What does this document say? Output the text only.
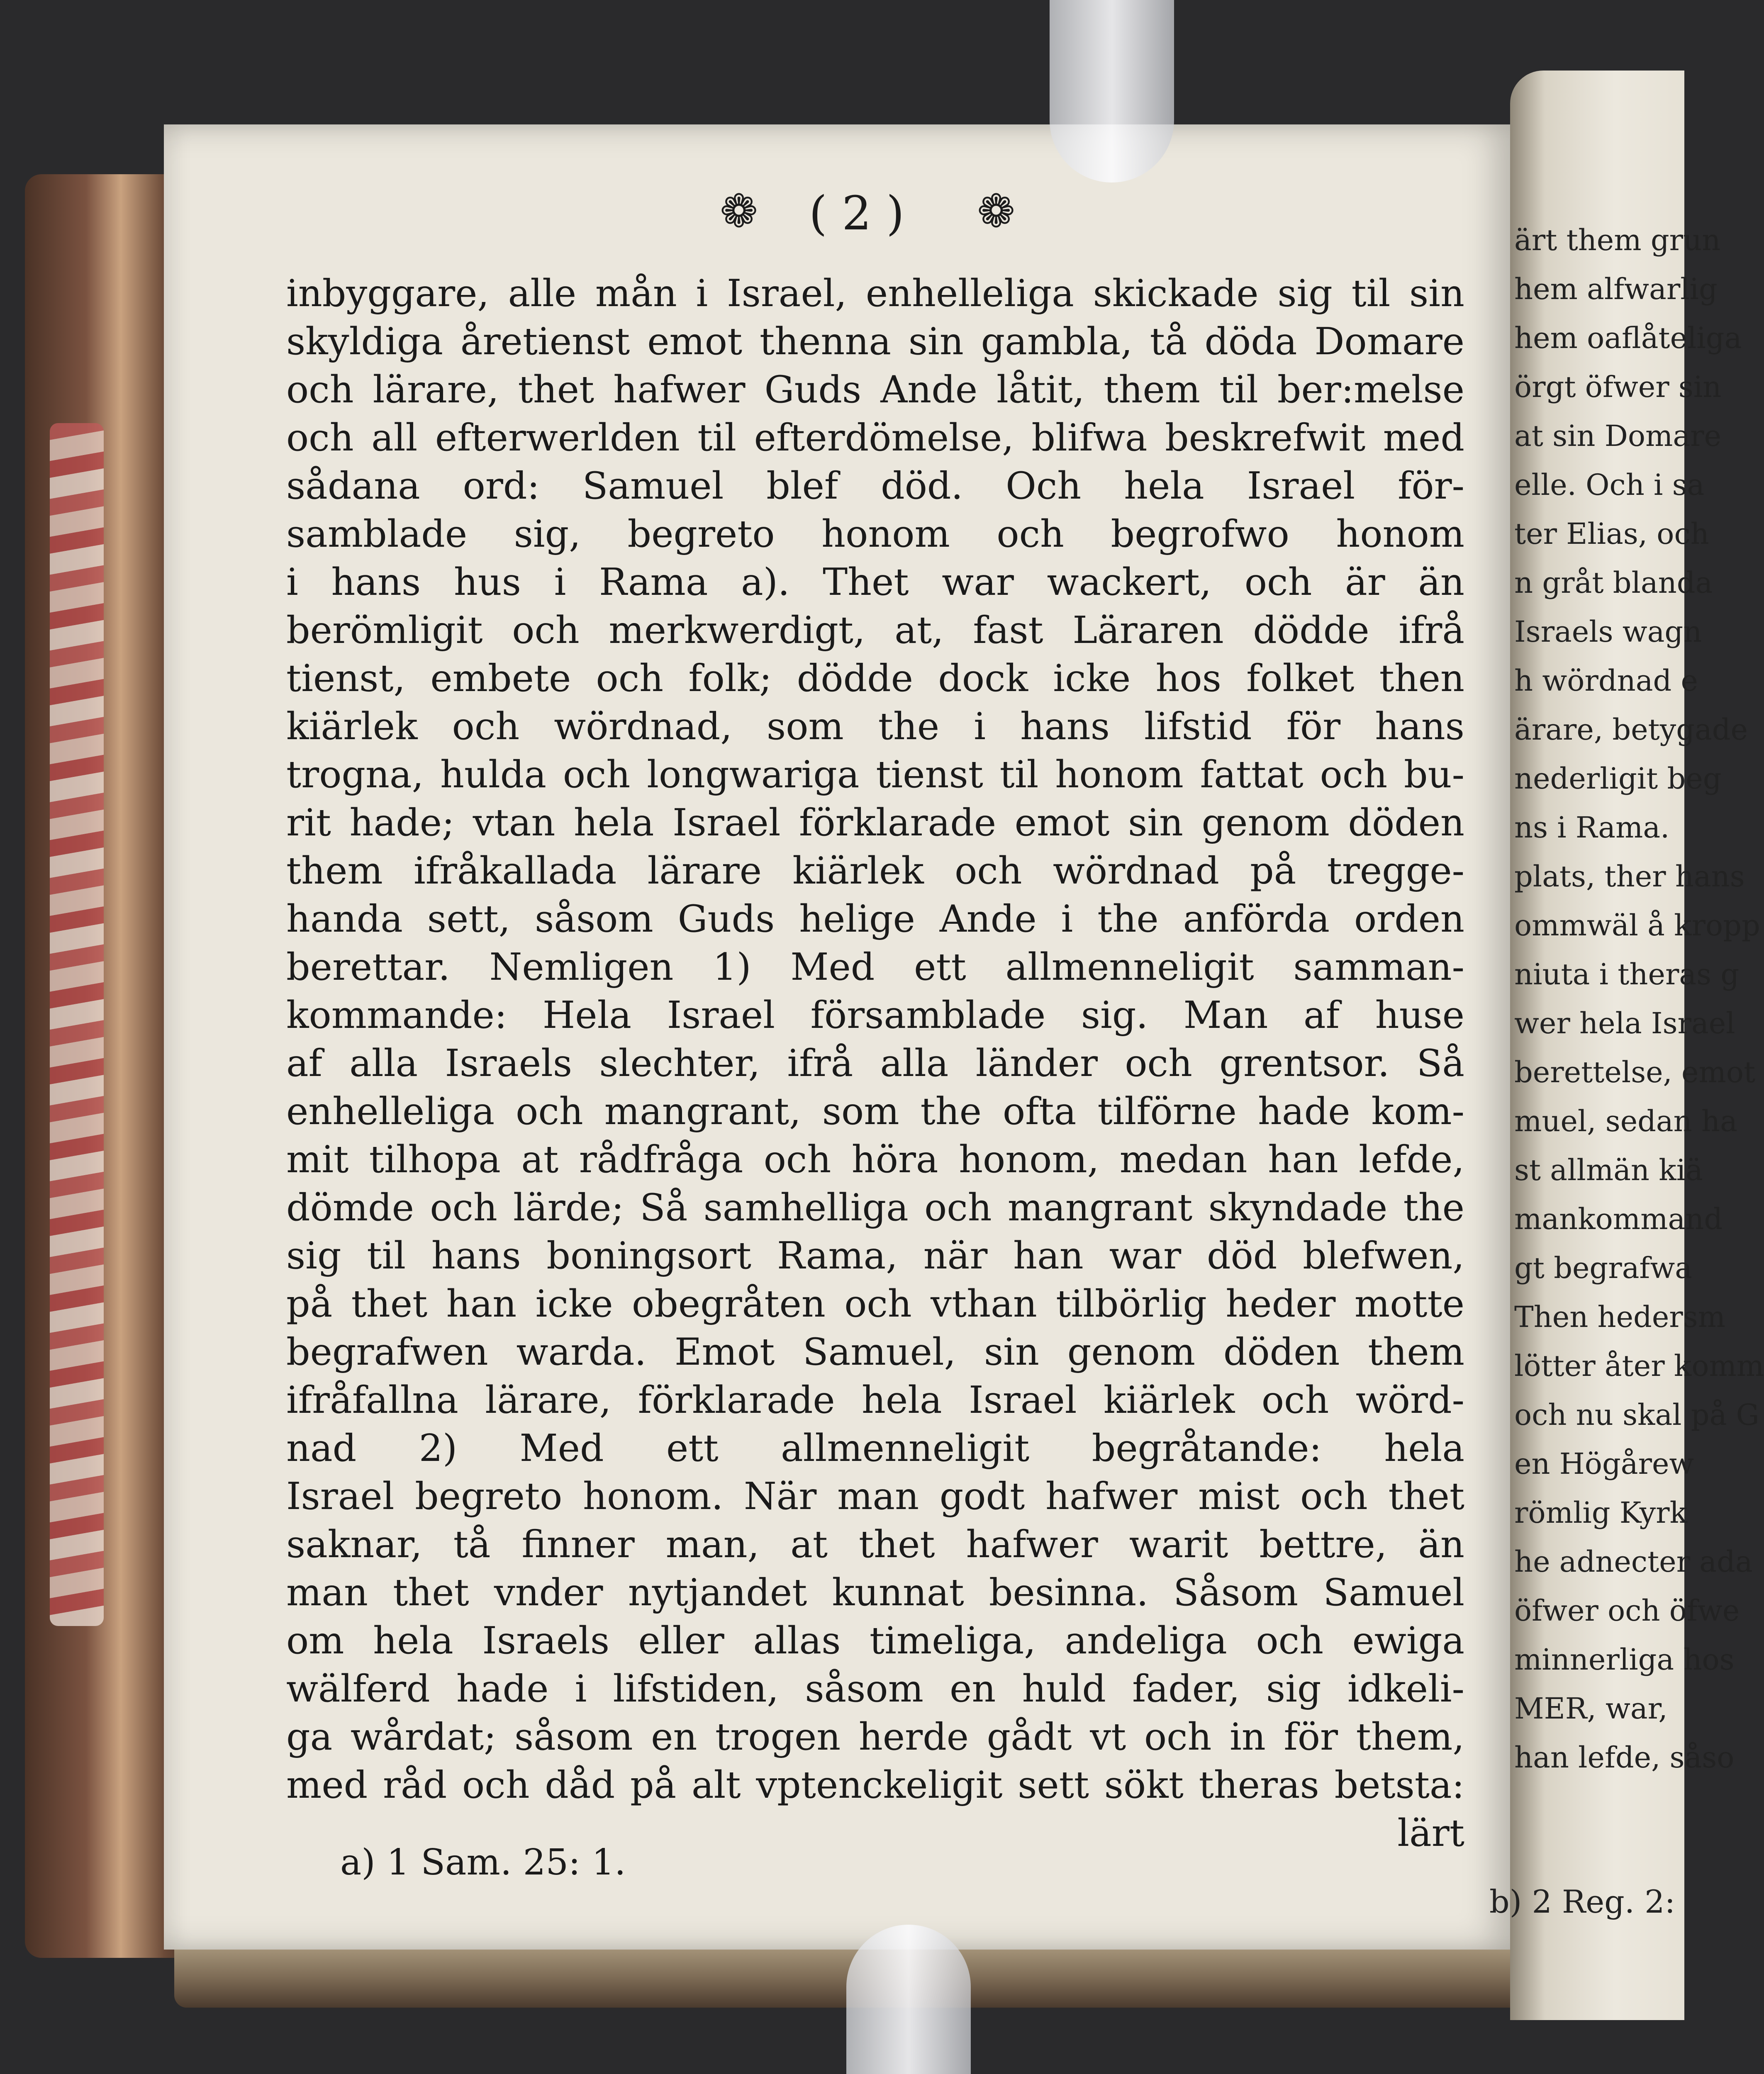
❁ ( 2 ) ❁
inbyggare, alle mån i Israel, enhelleliga skickade sig til sin
skyldiga åretienst emot thenna sin gambla, tå döda Domare
och lärare, thet hafwer Guds Ande låtit, them til ber:melse
och all efterwerlden til efterdömelse, blifwa beskrefwit med
sådana ord: Samuel blef död. Och hela Israel för-
samblade sig, begreto honom och begrofwo honom
i hans hus i Rama a). Thet war wackert, och är än
berömligit och merkwerdigt, at, fast Läraren dödde ifrå
tienst, embete och folk; dödde dock icke hos folket then
kiärlek och wördnad, som the i hans lifstid för hans
trogna, hulda och longwariga tienst til honom fattat och bu-
rit hade; vtan hela Israel förklarade emot sin genom döden
them ifråkallada lärare kiärlek och wördnad på tregge-
handa sett, såsom Guds helige Ande i the anförda orden
berettar. Nemligen 1) Med ett allmenneligit samman-
kommande: Hela Israel församblade sig. Man af huse
af alla Israels slechter, ifrå alla länder och grentsor. Så
enhelleliga och mangrant, som the ofta tilförne hade kom-
mit tilhopa at rådfråga och höra honom, medan han lefde,
dömde och lärde; Så samhelliga och mangrant skyndade the
sig til hans boningsort Rama, när han war död blefwen,
på thet han icke obegråten och vthan tilbörlig heder motte
begrafwen warda. Emot Samuel, sin genom döden them
ifråfallna lärare, förklarade hela Israel kiärlek och wörd-
nad 2) Med ett allmenneligit begråtande: hela
Israel begreto honom. När man godt hafwer mist och thet
saknar, tå finner man, at thet hafwer warit bettre, än
man thet vnder nytjandet kunnat besinna. Såsom Samuel
om hela Israels eller allas timeliga, andeliga och ewiga
wälferd hade i lifstiden, såsom en huld fader, sig idkeli-
ga wårdat; såsom en trogen herde gådt vt och in för them,
med råd och dåd på alt vptenckeligit sett sökt theras betsta:
lärt
a) 1 Sam. 25: 1.
ärt them grun
hem alfwarlig
hem oaflåteliga
örgt öfwer sin
at sin Domare
elle. Och i sa
ter Elias, och
n gråt blanda
Israels wagn
h wördnad e
ärare, betygade
nederligit beg
ns i Rama.
plats, ther hans
ommwäl å kropp
niuta i theras g
wer hela Israel
berettelse, emot
muel, sedan ha
st allmän kiä
mankommand
gt begrafwa
Then hedersm
lötter åter komm
och nu skal på G
en Högårew
römlig Kyrk
he adnecter ada
öfwer och öfwe
minnerliga hos
MER, war,
han lefde, såso
b) 2 Reg. 2:
